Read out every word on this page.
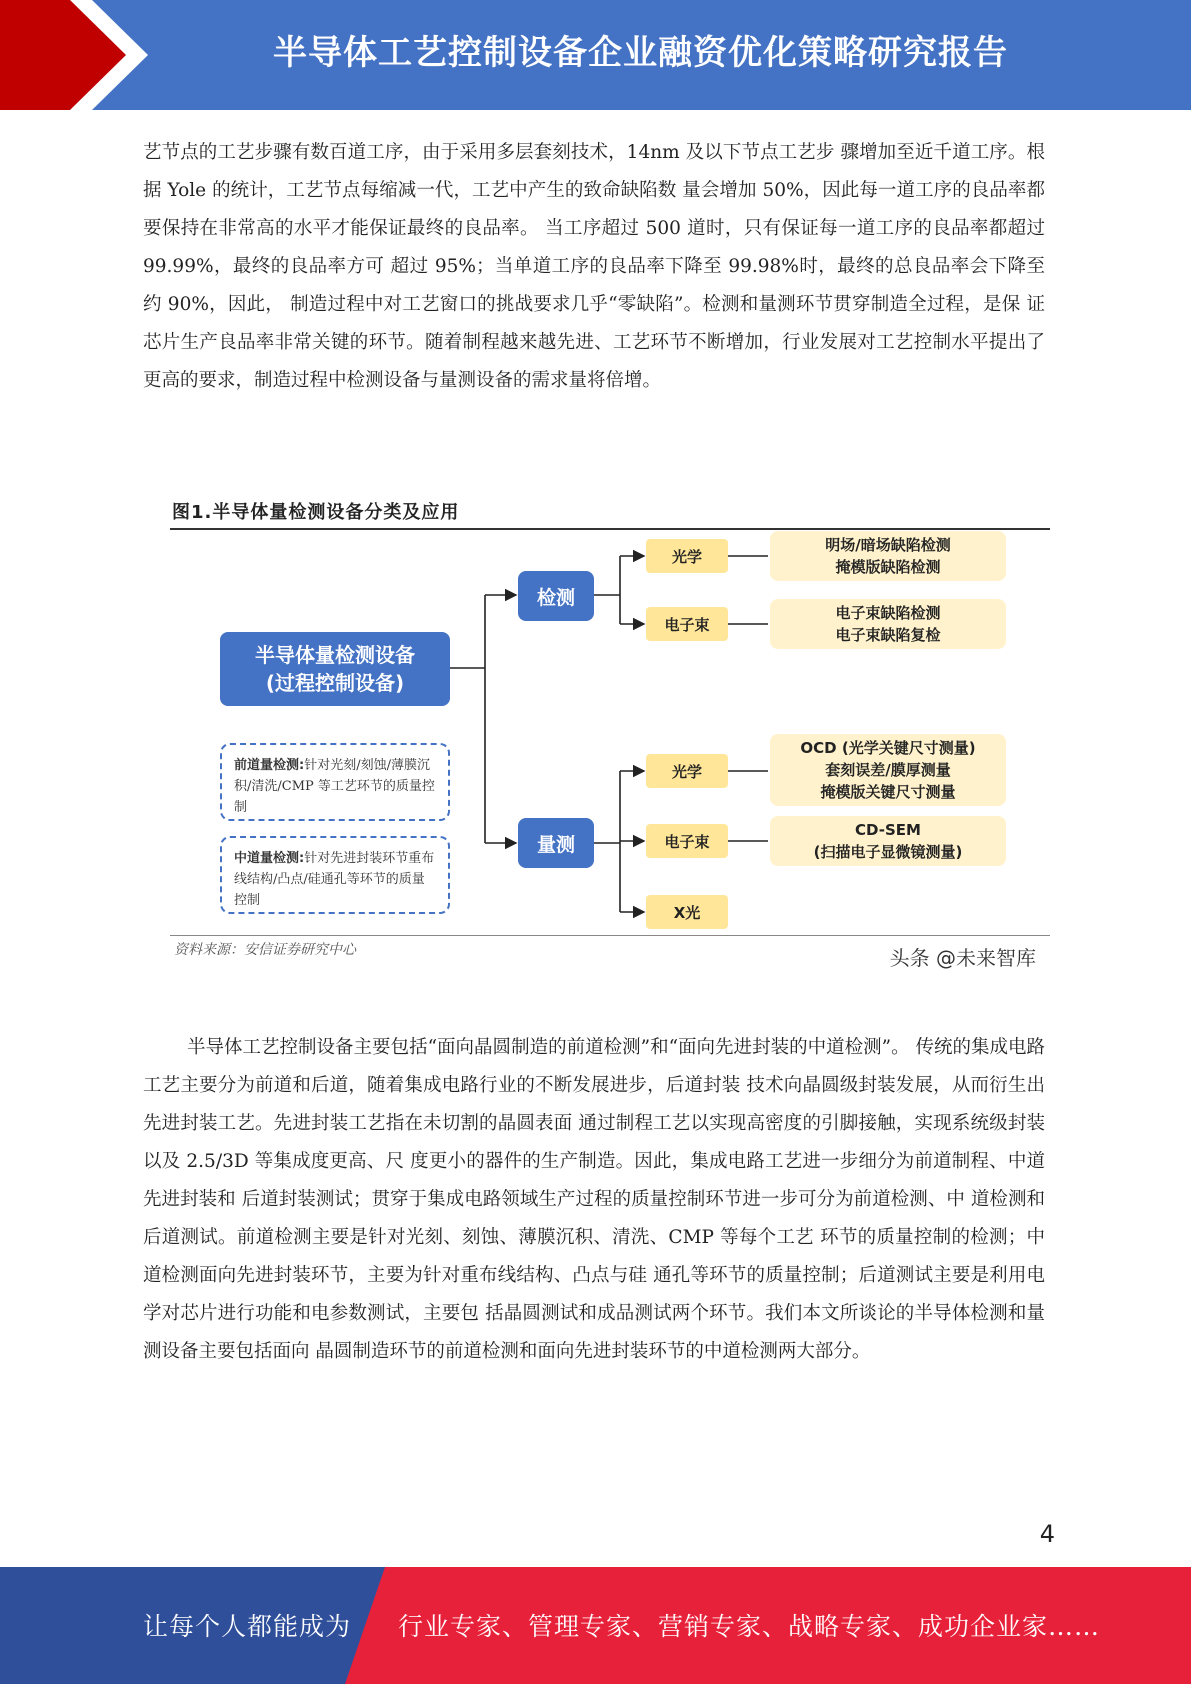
半导体工艺控制设备企业融资优化策略研究报告

艺节点的工艺步骤有数百道工序，由于采用多层套刻技术，14nm 及以下节点工艺步 骤增加至近千道工序。根据 Yole 的统计，工艺节点每缩减一代，工艺中产生的致命缺陷数 量会增加 50%，因此每一道工序的良品率都要保持在非常高的水平才能保证最终的良品率。 当工序超过 500 道时，只有保证每一道工序的良品率都超过 99.99%，最终的良品率方可 超过 95%；当单道工序的良品率下降至 99.98%时，最终的总良品率会下降至约 90%，因此， 制造过程中对工艺窗口的挑战要求几乎“零缺陷”。检测和量测环节贯穿制造全过程，是保 证芯片生产良品率非常关键的环节。随着制程越来越先进、工艺环节不断增加，行业发展对工艺控制水平提出了更高的要求，制造过程中检测设备与量测设备的需求量将倍增。

图1.半导体量检测设备分类及应用
半导体量检测设备
(过程控制设备)
前道量检测:针对光刻/刻蚀/薄膜沉积/清洗/CMP 等工艺环节的质量控制
中道量检测:针对先进封装环节重布线结构/凸点/硅通孔等环节的质量控制
检测
量测
光学
电子束
光学
电子束
X光
明场/暗场缺陷检测
掩模版缺陷检测
电子束缺陷检测
电子束缺陷复检
OCD (光学关键尺寸测量)
套刻误差/膜厚测量
掩模版关键尺寸测量
CD-SEM
(扫描电子显微镜测量)
资料来源：安信证券研究中心	头条 @未来智库

半导体工艺控制设备主要包括“面向晶圆制造的前道检测”和“面向先进封装的中道检测”。 传统的集成电路工艺主要分为前道和后道，随着集成电路行业的不断发展进步，后道封装 技术向晶圆级封装发展，从而衍生出先进封装工艺。先进封装工艺指在未切割的晶圆表面 通过制程工艺以实现高密度的引脚接触，实现系统级封装以及 2.5/3D 等集成度更高、尺 度更小的器件的生产制造。因此，集成电路工艺进一步细分为前道制程、中道先进封装和 后道封装测试；贯穿于集成电路领域生产过程的质量控制环节进一步可分为前道检测、中 道检测和后道测试。前道检测主要是针对光刻、刻蚀、薄膜沉积、清洗、CMP 等每个工艺 环节的质量控制的检测；中道检测面向先进封装环节，主要为针对重布线结构、凸点与硅 通孔等环节的质量控制；后道测试主要是利用电学对芯片进行功能和电参数测试，主要包 括晶圆测试和成品测试两个环节。我们本文所谈论的半导体检测和量测设备主要包括面向 晶圆制造环节的前道检测和面向先进封装环节的中道检测两大部分。

4
让每个人都能成为 行业专家、管理专家、营销专家、战略专家、成功企业家……
